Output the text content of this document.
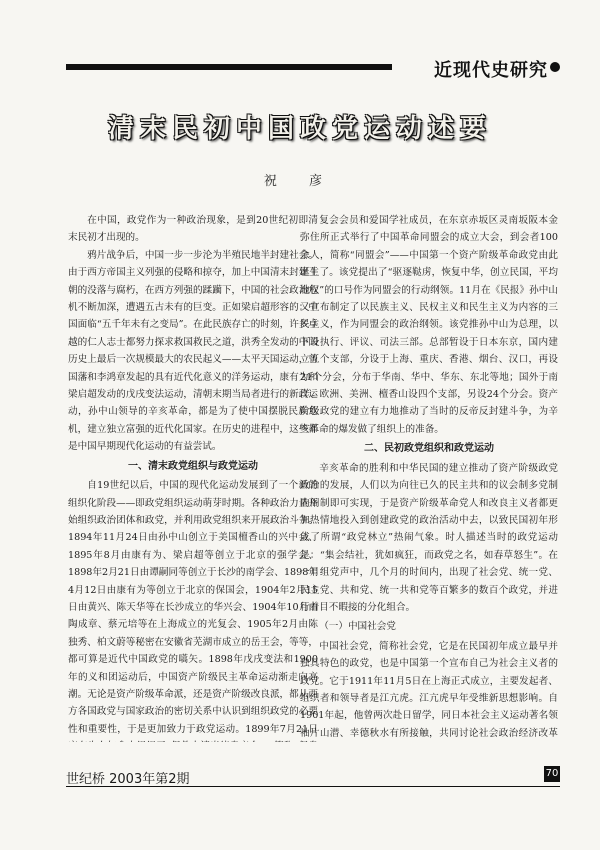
近现代史研究
清末民初中国政党运动述要
祝 彦

在中国，政党作为一种政治现象，是到20世纪初即清末民初才出现的。

鸦片战争后，中国一步一步沦为半殖民地半封建社会。由于西方帝国主义列强的侵略和掠夺，加上中国清末封建王朝的没落与腐朽，在西方列强的蹂躏下，中国的社会政治危机不断加深，遭遇五古未有的巨变。正如梁启超形容的：中国面临“五千年未有之变局”。在此民族存亡的时刻，许多卓越的仁人志士都努力探求救国救民之道，洪秀全发动的中国历史上最后一次规模最大的农民起义——太平天国运动，曾国藩和李鸿章发起的具有近代化意义的洋务运动，康有为和梁启超发动的戊戌变法运动，清朝末期当局者进行的新政运动，孙中山领导的辛亥革命，都是为了使中国摆脱民族危机，建立独立富强的近代化国家。在历史的进程中，这些都是中国早期现代化运动的有益尝试。

一、清末政党组织与政党运动

自19世纪以后，中国的现代化运动发展到了一个新的组织化阶段——即政党组织运动萌芽时期。各种政治力量开始组织政治团体和政党，并利用政党组织来开展政治斗争。1894年11月24日由孙中山创立于美国檀香山的兴中会、1895年8月由康有为、梁启超等创立于北京的强学会、1898年2月21日由谭嗣同等创立于长沙的南学会、1898年4月12日由康有为等创立于北京的保国会，1904年2月15日由黄兴、陈天华等在长沙成立的华兴会、1904年10月由陶成章、蔡元培等在上海成立的光复会、1905年2月由陈独秀、柏文蔚等秘密在安徽省芜湖市成立的岳王会，等等，都可算是近代中国政党的嚆矢。1898年戊戌变法和1900年的义和团运动后，中国资产阶级民主革命运动渐走向高潮。无论是资产阶级革命派，还是资产阶级改良派，都从西方各国政党与国家政治的密切关系中认识到组织政党的必要性和重要性，于是更加致力于政党运动。1899年7月21日

复会会员和爱国学社成员，在东京赤坂区灵南坂阪本金弥住所正式举行了中国革命同盟会的成立大会，到会者100余人，简称“同盟会”——中国第一个资产阶级革命政党由此诞生了。该党提出了“驱逐鞑虏，恢复中华，创立民国，平均地权”的口号作为同盟会的行动纲领。11月在《民报》孙中山又宣布制定了以民族主义、民权主义和民生主义为内容的三民主义，作为同盟会的政治纲领。该党推孙中山为总理，以下设执行、评议、司法三部。总部暂设于日本东京，国内建立五个支部，分设于上海、重庆、香港、烟台、汉口，再设21个分会，分布于华南、华中、华东、东北等地；国外于南洋、欧洲、美洲、檀香山设四个支部，另设24个分会。资产阶级政党的建立有力地推动了当时的反帝反封建斗争，为辛亥革命的爆发做了组织上的准备。

二、民初政党组织和政党运动

辛亥革命的胜利和中华民国的建立推动了资产阶级政党政治的发展，人们以为向往已久的民主共和的议会制多党制内阁制即可实现，于是资产阶级革命党人和改良主义者都更加热情地投入到创建政党的政治活动中去，以致民国初年形成了所谓“政党林立”热闹气象。时人描述当时的政党运动是：“集会结社，犹如疯狂，而政党之名，如春草怒生”。在一月组党声中，几个月的时间内，出现了社会党、统一党、民主党、共和党、统一共和党等百繁多的数百个政党，并进行着目不暇接的分化组合。

（一）中国社会党

中国社会党，简称社会党，它是在民国初年成立最早并独具特色的政党，也是中国第一个宣布自己为社会主义者的政党。它于1911年11月5日在上海正式成立，主要发起者、组织者和领导者是江亢虎。江亢虎早年受维新思想影响。自1901年起，他曾两次赴日留学，同日本社会主义运动著名领袖片山潜、幸德秋水有所接触，共同讨论社会政治经济改革

世纪桥 2003年第2期	70
